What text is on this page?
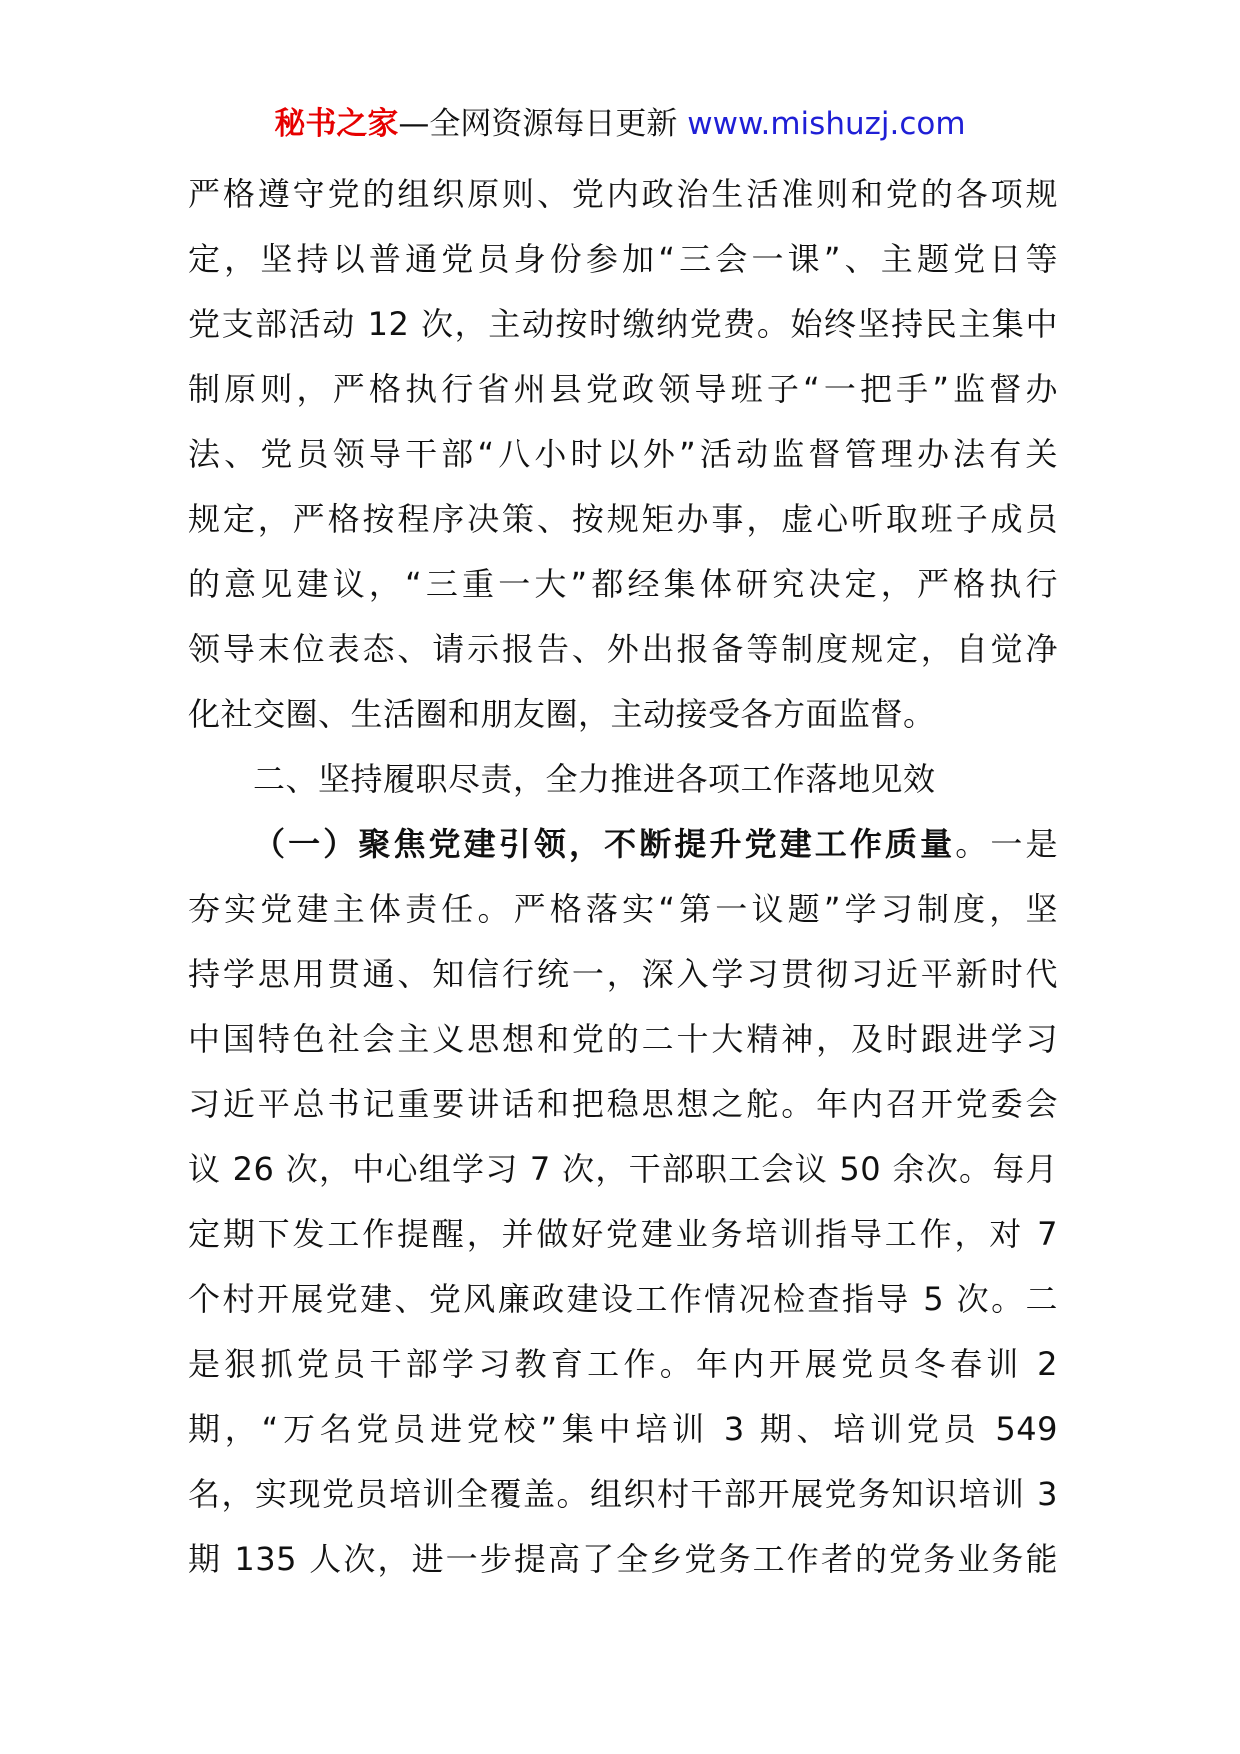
秘书之家—全网资源每日更新 www.mishuzj.com
严格遵守党的组织原则、党内政治生活准则和党的各项规
定，坚持以普通党员身份参加“三会一课”、主题党日等
党支部活动 12 次，主动按时缴纳党费。始终坚持民主集中
制原则，严格执行省州县党政领导班子“一把手”监督办
法、党员领导干部“八小时以外”活动监督管理办法有关
规定，严格按程序决策、按规矩办事，虚心听取班子成员
的意见建议，“三重一大”都经集体研究决定，严格执行
领导末位表态、请示报告、外出报备等制度规定，自觉净
化社交圈、生活圈和朋友圈，主动接受各方面监督。
二、坚持履职尽责，全力推进各项工作落地见效
（一）聚焦党建引领，不断提升党建工作质量。一是
夯实党建主体责任。严格落实“第一议题”学习制度，坚
持学思用贯通、知信行统一，深入学习贯彻习近平新时代
中国特色社会主义思想和党的二十大精神，及时跟进学习
习近平总书记重要讲话和把稳思想之舵。年内召开党委会
议 26 次，中心组学习 7 次，干部职工会议 50 余次。每月
定期下发工作提醒，并做好党建业务培训指导工作，对 7
个村开展党建、党风廉政建设工作情况检查指导 5 次。二
是狠抓党员干部学习教育工作。年内开展党员冬春训 2
期，“万名党员进党校”集中培训 3 期、培训党员 549
名，实现党员培训全覆盖。组织村干部开展党务知识培训 3
期 135 人次，进一步提高了全乡党务工作者的党务业务能
